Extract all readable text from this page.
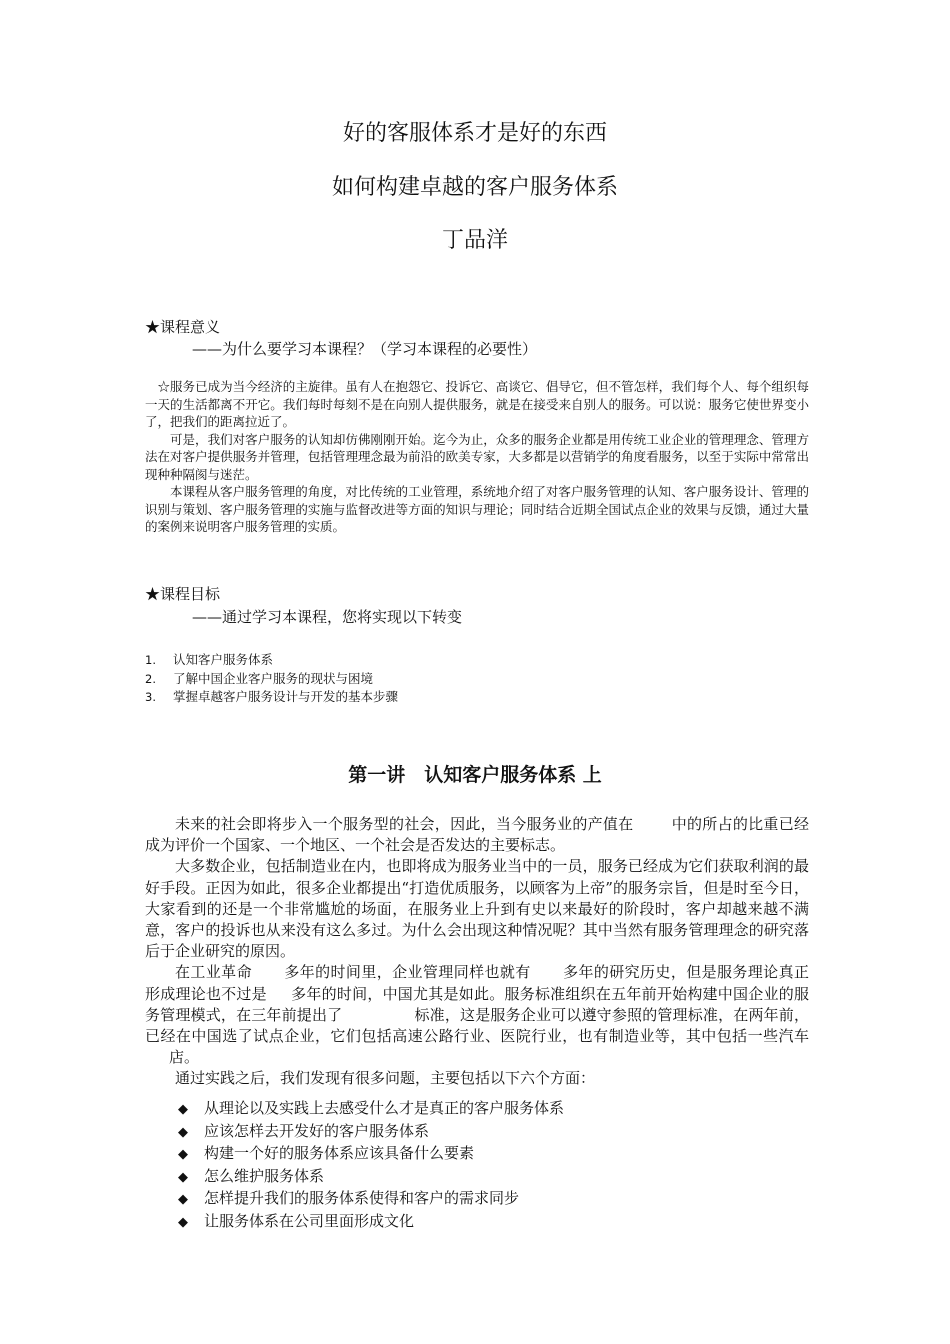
好的客服体系才是好的东西
如何构建卓越的客户服务体系
丁品洋
★课程意义
——为什么要学习本课程？（学习本课程的必要性）

☆服务已成为当今经济的主旋律。虽有人在抱怨它、投诉它、高谈它、倡导它，但不管怎样，我们每个人、每个组织每一天的生活都离不开它。我们每时每刻不是在向别人提供服务，就是在接受来自别人的服务。可以说：服务它使世界变小了，把我们的距离拉近了。

可是，我们对客户服务的认知却仿佛刚刚开始。迄今为止，众多的服务企业都是用传统工业企业的管理理念、管理方法在对客户提供服务并管理，包括管理理念最为前沿的欧美专家，大多都是以营销学的角度看服务，以至于实际中常常出现种种隔阂与迷茫。

本课程从客户服务管理的角度，对比传统的工业管理，系统地介绍了对客户服务管理的认知、客户服务设计、管理的识别与策划、客户服务管理的实施与监督改进等方面的知识与理论；同时结合近期全国试点企业的效果与反馈，通过大量的案例来说明客户服务管理的实质。

★课程目标
——通过学习本课程，您将实现以下转变
1. 认知客户服务体系
2. 了解中国企业客户服务的现状与困境
3. 掌握卓越客户服务设计与开发的基本步骤
第一讲　认知客户服务体系 上

未来的社会即将步入一个服务型的社会，因此，当今服务业的产值在	中的所占的比重已经成为评价一个国家、一个地区、一个社会是否发达的主要标志。

大多数企业，包括制造业在内，也即将成为服务业当中的一员，服务已经成为它们获取利润的最好手段。正因为如此，很多企业都提出“打造优质服务，以顾客为上帝”的服务宗旨，但是时至今日，大家看到的还是一个非常尴尬的场面，在服务业上升到有史以来最好的阶段时，客户却越来越不满意，客户的投诉也从来没有这么多过。为什么会出现这种情况呢？其中当然有服务管理理念的研究落后于企业研究的原因。

在工业革命 多年的时间里，企业管理同样也就有 多年的研究历史，但是服务理论真正形成理论也不过是 多年的时间，中国尤其是如此。服务标准组织在五年前开始构建中国企业的服务管理模式，在三年前提出了	标准，这是服务企业可以遵守参照的管理标准，在两年前，已经在中国选了试点企业，它们包括高速公路行业、医院行业，也有制造业等，其中包括一些汽车店。

通过实践之后，我们发现有很多问题，主要包括以下六个方面：

◆ 从理论以及实践上去感受什么才是真正的客户服务体系
◆ 应该怎样去开发好的客户服务体系
◆ 构建一个好的服务体系应该具备什么要素
◆ 怎么维护服务体系
◆ 怎样提升我们的服务体系使得和客户的需求同步
◆ 让服务体系在公司里面形成文化
